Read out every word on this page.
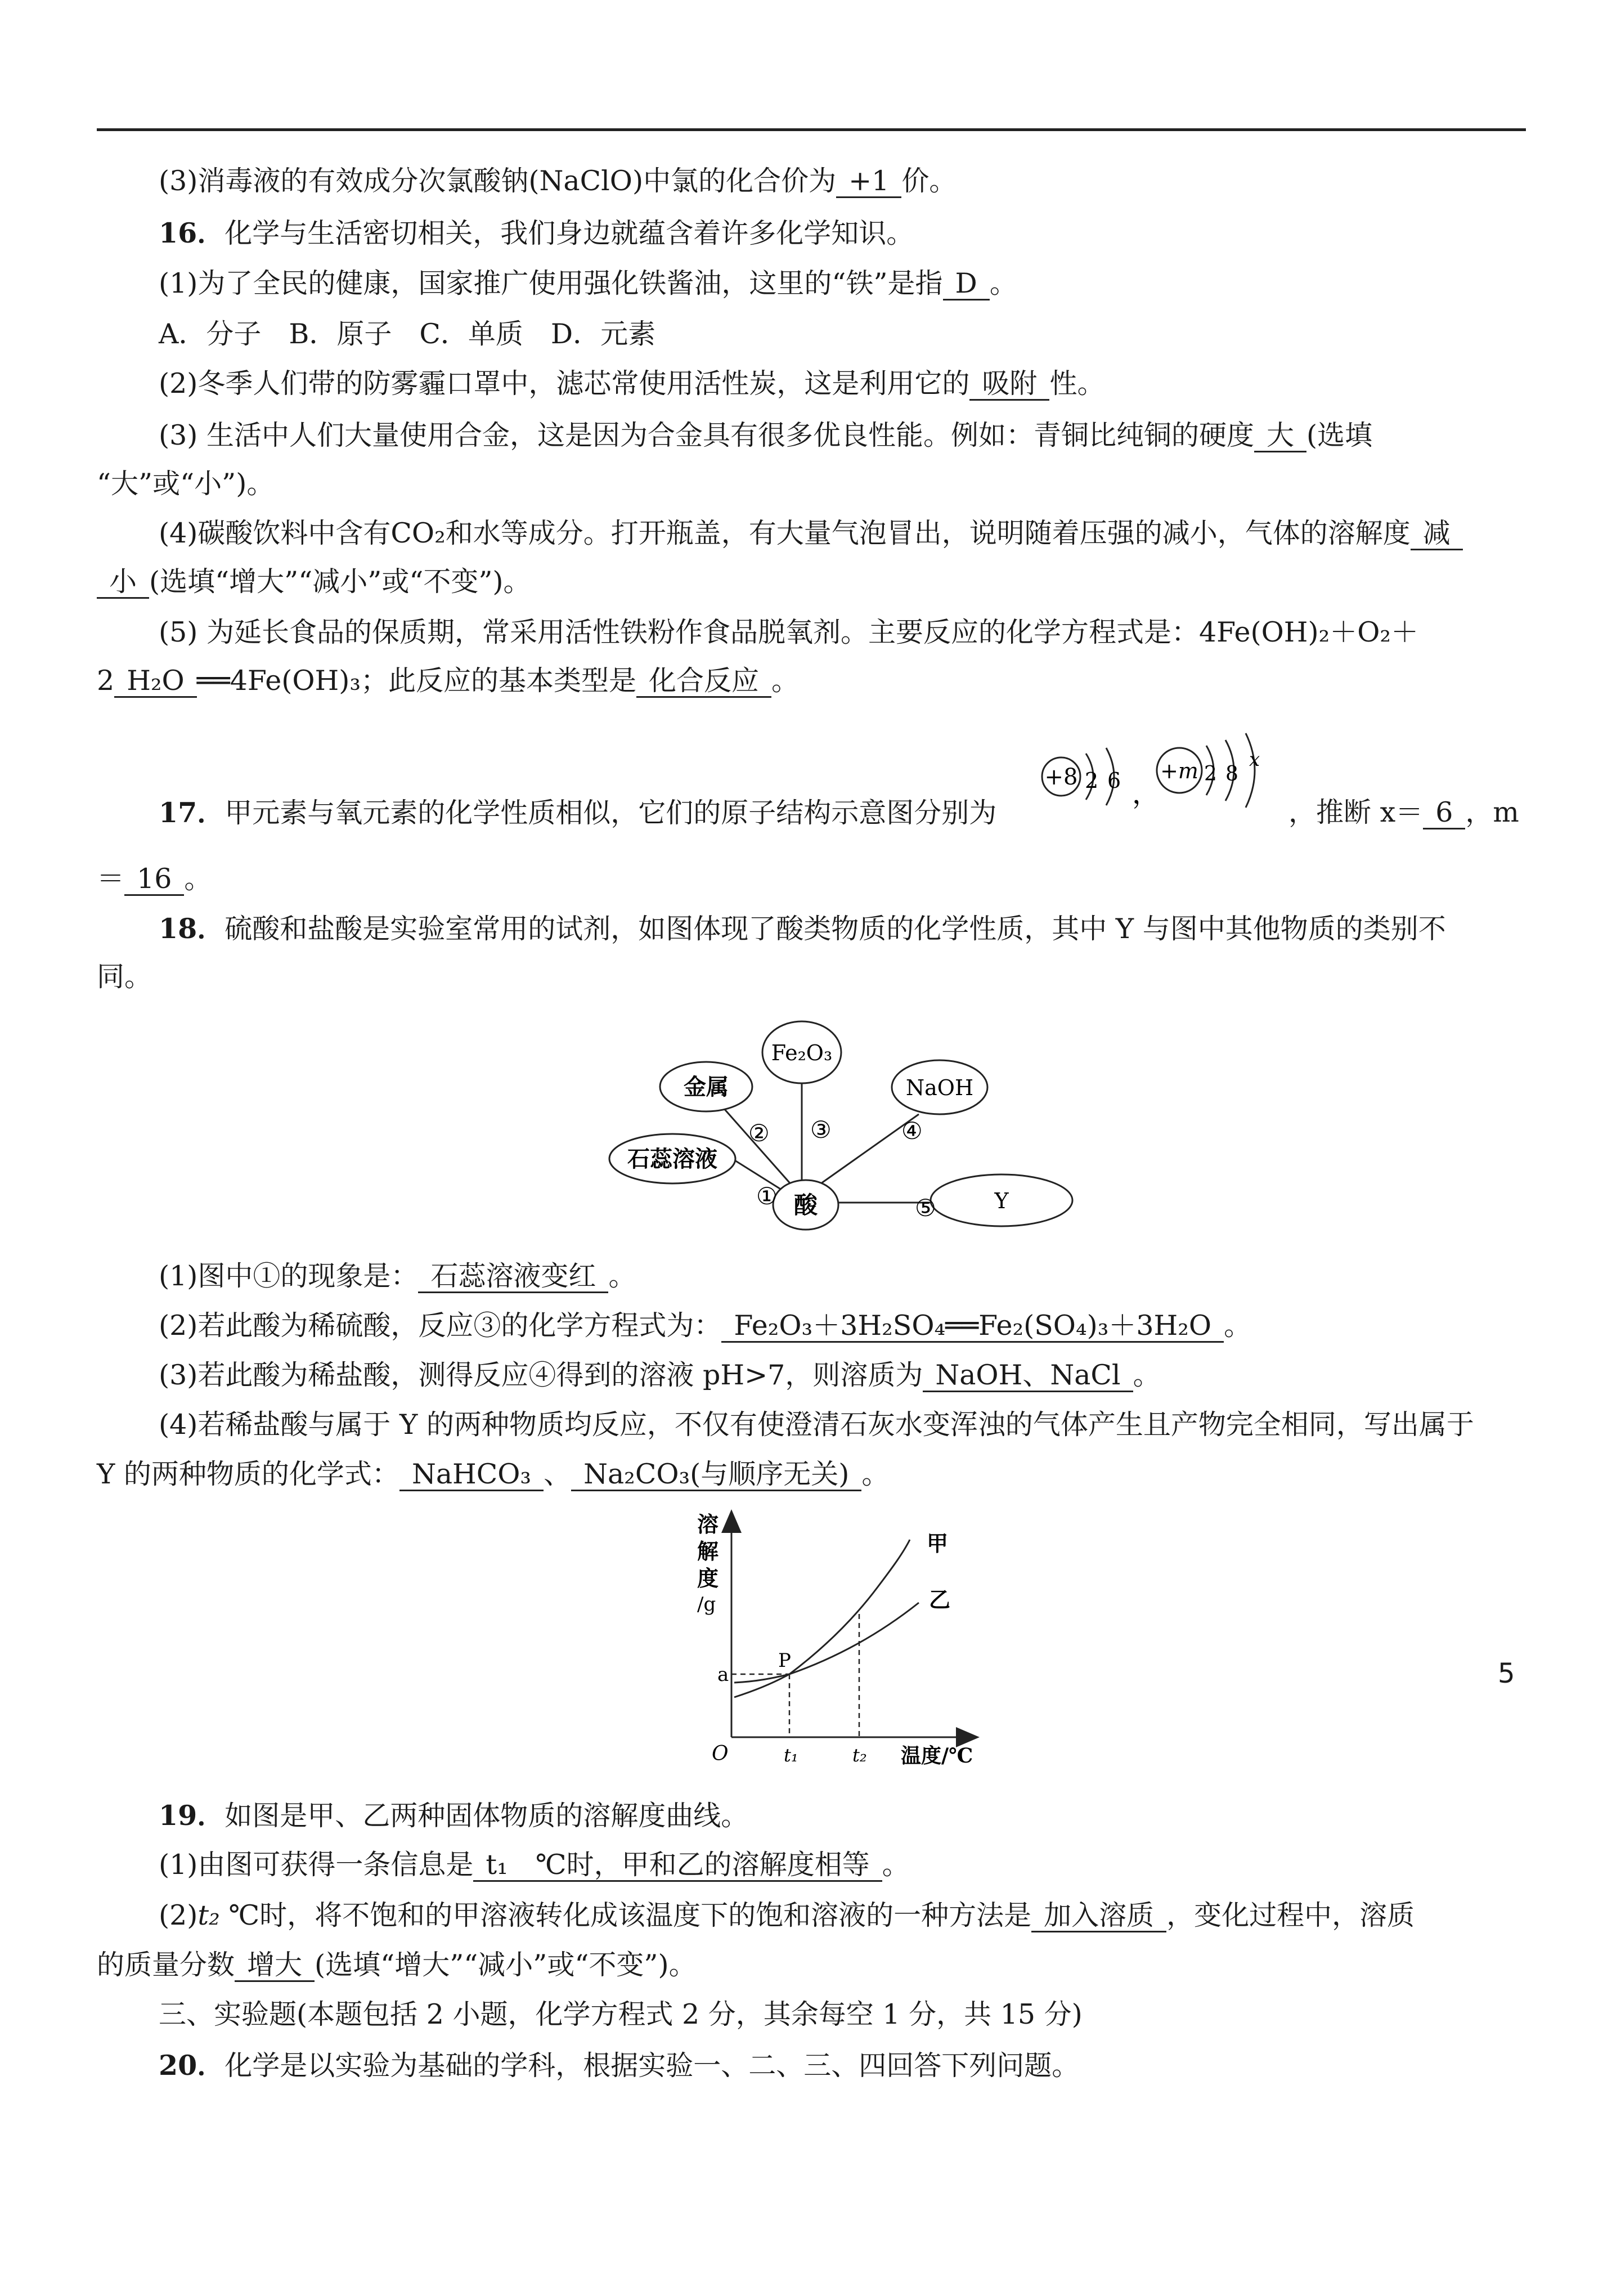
(3)消毒液的有效成分次氯酸钠(NaClO)中氯的化合价为 +1 价。
16．化学与生活密切相关，我们身边就蕴含着许多化学知识。
(1)为了全民的健康，国家推广使用强化铁酱油，这里的“铁”是指 D 。
A．分子　B．原子　C．单质　D．元素
(2)冬季人们带的防雾霾口罩中，滤芯常使用活性炭，这是利用它的 吸附 性。
(3) 生活中人们大量使用合金，这是因为合金具有很多优良性能。例如：青铜比纯铜的硬度 大 (选填
“大”或“小”)。
(4)碳酸饮料中含有CO₂和水等成分。打开瓶盖，有大量气泡冒出，说明随着压强的减小，气体的溶解度 减
小 (选填“增大”“减小”或“不变”)。
(5) 为延长食品的保质期，常采用活性铁粉作食品脱氧剂。主要反应的化学方程式是：4Fe(OH)₂＋O₂＋
2 H₂O ══4Fe(OH)₃；此反应的基本类型是 化合反应 。
17．甲元素与氧元素的化学性质相似，它们的原子结构示意图分别为
+8 2 6 ，
+m 2 8
x
，推断 x＝ 6 ，m
＝ 16 。
18．硫酸和盐酸是实验室常用的试剂，如图体现了酸类物质的化学性质，其中 Y 与图中其他物质的类别不
同。
Fe₂O₃
金属	NaOH
石蕊溶液
Y
酸
② ③	④
①	⑤
(1)图中①的现象是： 石蕊溶液变红 。
(2)若此酸为稀硫酸，反应③的化学方程式为： Fe₂O₃＋3H₂SO₄══Fe₂(SO₄)₃＋3H₂O 。
(3)若此酸为稀盐酸，测得反应④得到的溶液 pH>7，则溶质为 NaOH、NaCl 。
(4)若稀盐酸与属于 Y 的两种物质均反应，不仅有使澄清石灰水变浑浊的气体产生且产物完全相同，写出属于
Y 的两种物质的化学式： NaHCO₃ 、 Na₂CO₃(与顺序无关) 。
溶
解
度
/g
O	t₁	t₂ 温度/℃
a
P
甲
乙
19．如图是甲、乙两种固体物质的溶解度曲线。
(1)由图可获得一条信息是 t₁　℃时，甲和乙的溶解度相等 。
(2)t₂ ℃时，将不饱和的甲溶液转化成该温度下的饱和溶液的一种方法是 加入溶质 ，变化过程中，溶质
的质量分数 增大 (选填“增大”“减小”或“不变”)。
三、实验题(本题包括 2 小题，化学方程式 2 分，其余每空 1 分，共 15 分)
20．化学是以实验为基础的学科，根据实验一、二、三、四回答下列问题。
5
